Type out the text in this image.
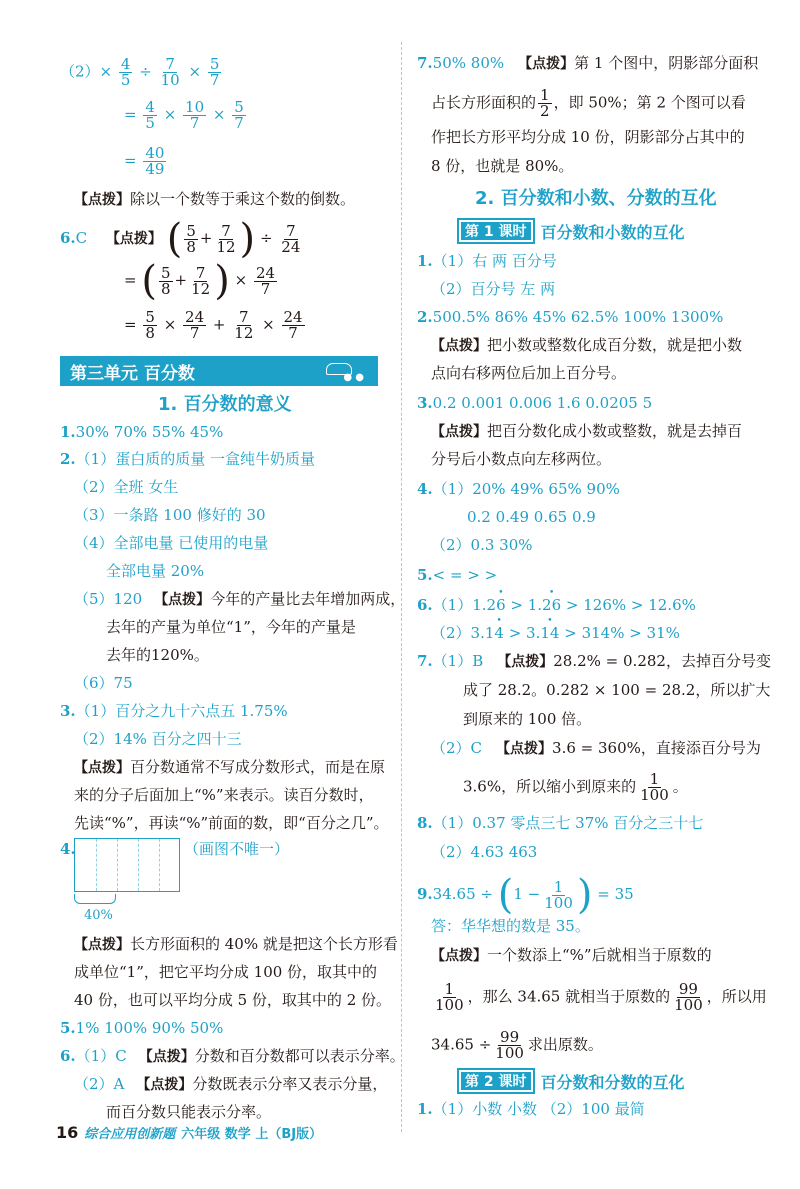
$(2)\times \frac{4}{5} \div \frac{7}{10} \times \frac{5}{7}$
= $\frac{4}{5} \times \frac{10}{7} \times \frac{5}{7}$
= $\frac{40}{49}$
【点拨】除以一个数等于乘这个数的倒数。
6.C 【点拨】 ( $\frac{5}{8} + \frac{7}{12}$ ) ÷ $\frac{7}{24}$
= ( $\frac{5}{8} + \frac{7}{12}$ ) × $\frac{24}{7}$
= $\frac{5}{8} \times \frac{24}{7} + \frac{7}{12} \times \frac{24}{7}$
第三单元 百分数	● ●
1. 百分数的意义
1.30% 70% 55% 45%
2.（1）蛋白质的质量 一盒纯牛奶质量
（2）全班 女生
（3）一条路 100 修好的 30
（4）全部电量 已使用的电量
全部电量 20%
（5）120 【点拨】今年的产量比去年增加两成，
去年的产量为单位“1”，今年的产量是
去年的120%。
（6）75
3.（1）百分之九十六点五 1.75%
（2）14% 百分之四十三
【点拨】百分数通常不写成分数形式，而是在原
来的分子后面加上“%”来表示。读百分数时，
先读“%”，再读“%”前面的数，即“百分之几”。
4.
40%
（画图不唯一）
【点拨】长方形面积的 40% 就是把这个长方形看
成单位“1”，把它平均分成 100 份，取其中的
40 份，也可以平均分成 5 份，取其中的 2 份。
5.1% 100% 90% 50%
6.（1）C 【点拨】分数和百分数都可以表示分率。
（2）A 【点拨】分数既表示分率又表示分量，
而百分数只能表示分率。
7.50% 80% 【点拨】第 1 个图中，阴影部分面积
占长方形面积的 $\frac{1}{2}$ ，即 50%；第 2 个图可以看
作把长方形平均分成 10 份，阴影部分占其中的
8 份，也就是 80%。
2. 百分数和小数、分数的互化
第 1 课时 百分数和小数的互化
1.（1）右 两 百分号
（2）百分号 左 两
2.500.5% 86% 45% 62.5% 100% 1300%
【点拨】把小数或整数化成百分数，就是把小数
点向右移两位后加上百分号。
3.0.2 0.001 0.006 1.6 0.0205 5
【点拨】把百分数化成小数或整数，就是去掉百
分号后小数点向左移两位。
4.（1）20% 49% 65% 90%
0.2 0.49 0.65 0.9
（2）0.3 30%
5.< = > >
6.（1）1.2• 6 > 1.• 26 > 126% > 12.6%
（2）3.1• 4 > 3.• 14 > 314% > 31%
7.（1）B 【点拨】28.2% = 0.282，去掉百分号变
成了 28.2。0.282 × 100 = 28.2，所以扩大
到原来的 100 倍。
（2）C 【点拨】3.6 = 360%，直接添百分号为
3.6%，所以缩小到原来的 $\frac{1}{100}$ 。
8.（1）0.37 零点三七 37% 百分之三十七
（2）4.63 463
$9.34.65 \div (1 - \frac{1}{100}$ ) = 35
答：华华想的数是 35。
【点拨】一个数添上“%”后就相当于原数的
$\frac{1}{100}$ ，那么 34.65 就相当于原数的 $\frac{99}{100}$ ，所以用
$34.65 \div \frac{99}{100}$ 求出原数。
第 2 课时 百分数和分数的互化
1.（1）小数 小数 （2）100 最简
16 综合应用创新题 六年级 数学 上（BJ版）
